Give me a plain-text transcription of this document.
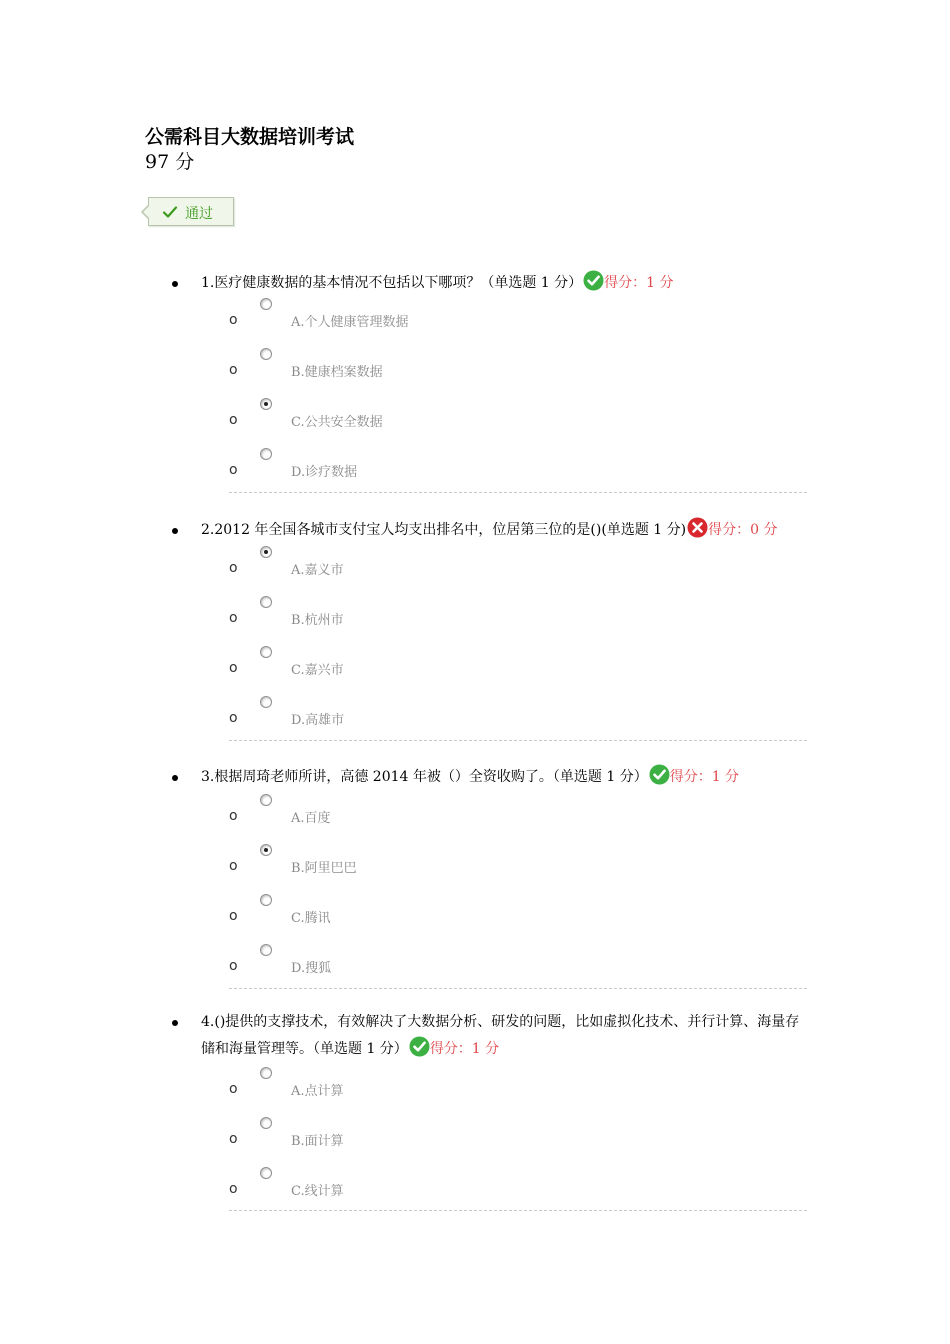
公需科目大数据培训考试
97 分
通过
1.医疗健康数据的基本情况不包括以下哪项？（单选题 1 分） 得分：1 分
o	A.个人健康管理数据
o	B.健康档案数据
o	C.公共安全数据
o	D.诊疗数据
2.2012 年全国各城市支付宝人均支出排名中，位居第三位的是()(单选题 1 分) 得分：0 分
o	A.嘉义市
o	B.杭州市
o	C.嘉兴市
o	D.高雄市
3.根据周琦老师所讲，高德 2014 年被（）全资收购了。（单选题 1 分） 得分：1 分
o	A.百度
o	B.阿里巴巴
o	C.腾讯
o	D.搜狐
4.()提供的支撑技术，有效解决了大数据分析、研发的问题，比如虚拟化技术、并行计算、海量存储和海量管理等。（单选题 1 分） 得分：1 分
o	A.点计算
o	B.面计算
o	C.线计算
